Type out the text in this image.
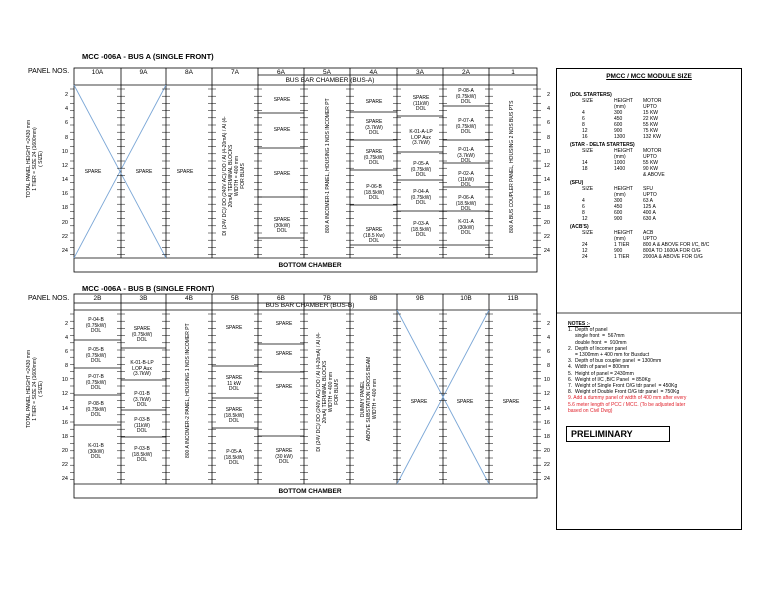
MCC -006A - BUS A (SINGLE FRONT)
MCC -006A - BUS B (SINGLE FRONT)
PANEL NOS.
PANEL NOS.
TOTAL PANEL HEIGHT =2430 mm
1 TIER = SIZE 24 (1600mm)
( SIZE)
TOTAL PANEL HEIGHT =2430 mm
1 TIER = SIZE 24 (1600mm)
( SIZE)
10A	9A	8A	7A	6A	5A	4A	3A	2A	1
2B	3B	4B	5B	6B	7B	8B	9B	10B	11B
BUS BAR CHAMBER (BUS-A)
BUS BAR CHAMBER (BUS-B)
BOTTOM CHAMBER
BOTTOM CHAMBER
2
4
6
8
10
12
14
16
18
20
22
24
2
4
6
8
10
12
14
16
18
20
22
24
2
4
6
8
10
12
14
16
18
20
22
24
2
4
6
8
10
12
14
16
18
20
22
24
SPARE	SPARE	SPARE
DI (24V DC)/ DO (240V AC)/ DO / AI (4-20mA) / AI (4-20mA) TERMINAL BLOCKS
WIDTH = 400 mm
FOR BLMS
SPARE
SPARE
SPARE
SPARE
(30kW)
DOL	800 A INCOMER-1 PANEL, HOUSING 1 NOS INCOMER PT	SPARE
SPARE
(3.7kW)
DOL
SPARE
(0.75kW)
DOL
P-06-B
(18.5kW)
DOL
SPARE
(18.5 Kw)
DOL
SPARE
(11kW)
DOL
K-01-A-LP
LOP Aux
(3.7kW)
P-05-A
(0.75kW)
DOL
P-04-A
(0.75kW)
DOL
P-03-A
(18.5kW)
DOL
P-08-A
(0.75kW)
DOL
P-07-A
(0.75kW)
DOL
P-01-A
(3.7kW)
DOL
P-02-A
(11kW)
DOL
P-06-A
(18.5kW)
DOL
K-01-A
(30kW)
DOL	800 A BUS COUPLER PANEL, HOUSING 2 NOS BUS PTS
P-04-B
(0.75kW)
DOL
P-05-B
(0.75kW)
DOL
P-07-B
(0.75kW)
DOL
P-08-B
(0.75kW)
DOL
K-01-B
(30kW)
DOL
SPARE
(0.75kW)
DOL
K-01-B-LP
LOP Aux
(3.7kW)
P-01-B
(3.7kW)
DOL
P-03-B
(11kW)
DOL
P-03-B
(18.5kW)
DOL
800 A INCOMER-2 PANEL, HOUSING 1 NOS INCOMER PT	SPARE
SPARE
11 kW
DOL
SPARE
(18.5kW)
DOL
P-05-A
(18.5kW)
DOL
SPARE
SPARE
SPARE
SPARE
(30 kW)
DOL
DI (24V DC)/ DO (240V AC)/ DO / AI (4-20mA) / AI (4-20mA) TERMINAL BLOCKS
WIDTH = 400 mm
FOR BLMS
DUMMY PANEL
ABOVE SUBSTATION CROSS BEAM
WIDTH = 400 mm
SPARE	SPARE	SPARE
PMCC / MCC MODULE SIZE
(DOL STARTERS)
SIZE	HEIGHT MOTOR
(mm)	UPTO
4	300	15 KW
6	450	22 KW
8	600	55 KW
12	900	75 KW
16	1300	132 KW
(STAR - DELTA STARTERS)
SIZE	HEIGHT MOTOR
(mm)	UPTO
14	1000	55 KW
18	1400	90 KW
& ABOVE
(SFU)
SIZE	HEIGHT SFU
(mm)	UPTO
4	300	63 A
6	450	125 A
8	600	400 A
12	900	630 A
(ACB'S)
SIZE	HEIGHT ACB
(mm)	UPTO
24	1 TIER	800 A & ABOVE FOR I/C, B/C
12	900	800A TO 1600A FOR O/G
24	1 TIER	2000A & ABOVE FOR O/G
NOTES :-
1.  Depth of panel
single front  =  567mm
double front  =  910mm
2.  Depth of Incomer panel
= 1300mm + 400 mm for Busduct
3.  Depth of bus coupler panel  = 1300mm
4.  Width of panel = 800mm
5.  Height of panel = 2430mm
6.  Weight of I/C ,B/C Panel  = 850Kg
7.  Weight of Single Front O/G tdr panel  = 450Kg
8.  Weight of Double Front O/G tdr panel  = 750Kg
9. Add a dummy panel of width of 400 mm after every
5.6 meter length of PCC / MCC. (To be adjusted later
based on Civil Dwg)
PRELIMINARY
